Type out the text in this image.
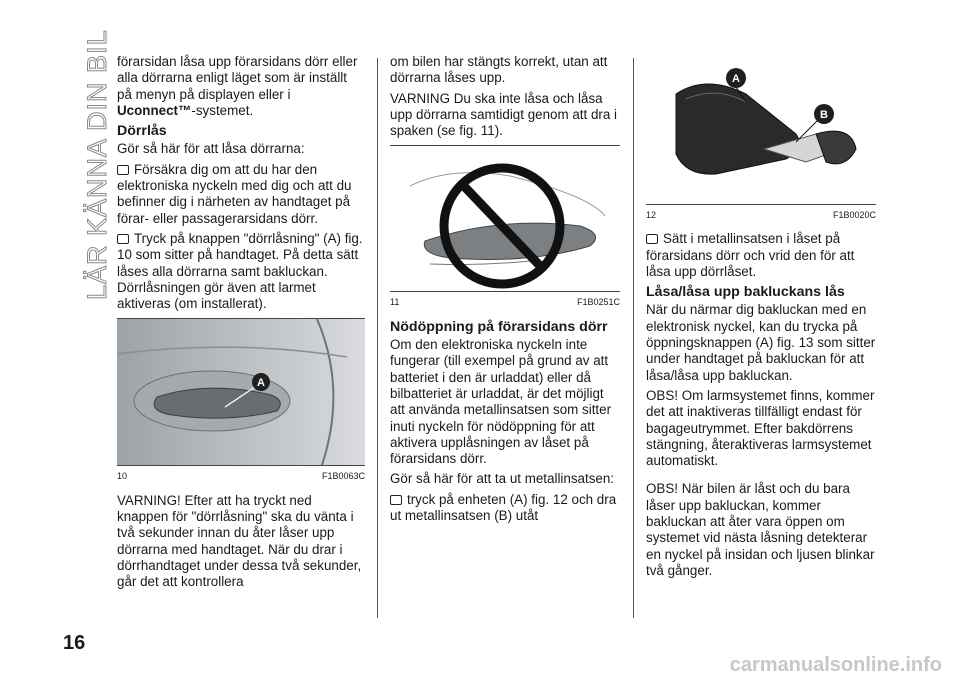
LÄR KÄNNA DIN BIL förarsidan låsa upp förarsidans dörr eller alla dörrarna enligt läget som är inställt på menyn på displayen eller i
Uconnect™-systemet.

Dörrlås

Gör så här för att låsa dörrarna:

Försäkra dig om att du har den elektroniska nyckeln med dig och att du befinner dig i närheten av handtaget på förar- eller passagerarsidans dörr.

Tryck på knappen "dörrlåsning" (A) fig. 10 som sitter på handtaget. På detta sätt låses alla dörrarna samt bakluckan. Dörrlåsningen gör även att larmet aktiveras (om installerat).

A
10	F1B0063C

VARNING! Efter att ha tryckt ned knappen för "dörrlåsning" ska du vänta i två sekunder innan du åter låser upp dörrarna med handtaget. När du drar i dörrhandtaget under dessa två sekunder, går det att kontrollera

om bilen har stängts korrekt, utan att dörrarna låses upp.

VARNING Du ska inte låsa och låsa upp dörrarna samtidigt genom att dra i spaken (se fig. 11).

11	F1B0251C
Nödöppning på förarsidans dörr

Om den elektroniska nyckeln inte fungerar (till exempel på grund av att batteriet i den är urladdat) eller då bilbatteriet är urladdat, är det möjligt att använda metallinsatsen som sitter inuti nyckeln för nödöppning för att aktivera upplåsningen av låset på förarsidans dörr.

Gör så här för att ta ut metallinsatsen:

tryck på enheten (A) fig. 12 och dra ut metallinsatsen (B) utåt

A
B
12	F1B0020C

Sätt i metallinsatsen i låset på förarsidans dörr och vrid den för att låsa upp dörrlåset.

Låsa/låsa upp bakluckans lås

När du närmar dig bakluckan med en elektronisk nyckel, kan du trycka på öppningsknappen (A) fig. 13 som sitter under handtaget på bakluckan för att låsa/låsa upp bakluckan.

OBS! Om larmsystemet finns, kommer det att inaktiveras tillfälligt endast för bagageutrymmet. Efter bakdörrens stängning, återaktiveras larmsystemet automatiskt.

OBS! När bilen är låst och du bara låser upp bakluckan, kommer bakluckan att åter vara öppen om systemet vid nästa låsning detekterar en nyckel på insidan och ljusen blinkar två gånger.

16
carmanualsonline.info
